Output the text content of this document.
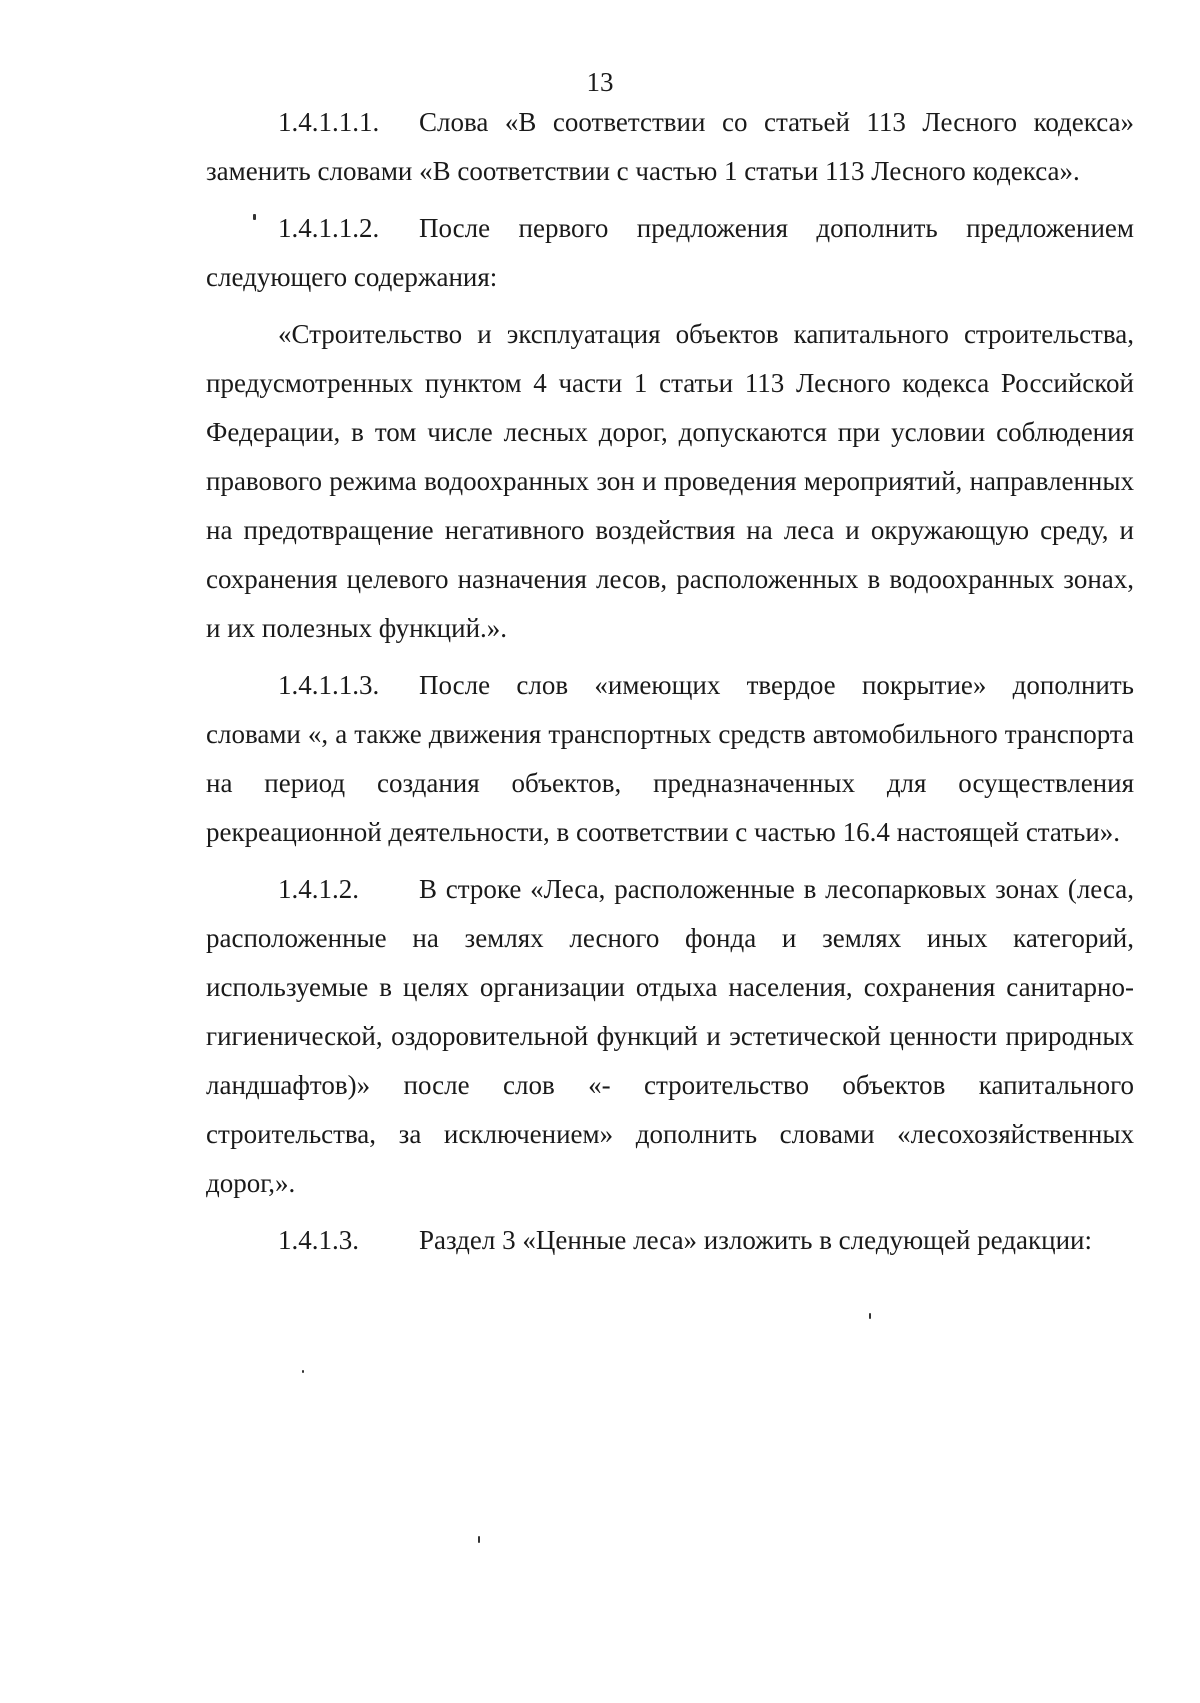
13

1.4.1.1.1. Слова «В соответствии со статьей 113 Лесного кодекса» заменить словами «В соответствии с частью 1 статьи 113 Лесного кодекса».

1.4.1.1.2. После первого предложения дополнить предложением следующего содержания:

«Строительство и эксплуатация объектов капитального строительства, предусмотренных пунктом 4 части 1 статьи 113 Лесного кодекса Российской Федерации, в том числе лесных дорог, допускаются при условии соблюдения правового режима водоохранных зон и проведения мероприятий, направленных на предотвращение негативного воздействия на леса и окружающую среду, и сохранения целевого назначения лесов, расположенных в водоохранных зонах, и их полезных функций.».

1.4.1.1.3. После слов «имеющих твердое покрытие» дополнить словами «, а также движения транспортных средств автомобильного транспорта на период создания объектов, предназначенных для осуществления рекреационной деятельности, в соответствии с частью 16.4 настоящей статьи».

1.4.1.2. В строке «Леса, расположенные в лесопарковых зонах (леса, расположенные на землях лесного фонда и землях иных категорий, используемые в целях организации отдыха населения, сохранения санитарно-гигиенической, оздоровительной функций и эстетической ценности природных ландшафтов)» после слов «- строительство объектов капитального строительства, за исключением» дополнить словами «лесохозяйственных дорог,».

1.4.1.3. Раздел 3 «Ценные леса» изложить в следующей редакции:
